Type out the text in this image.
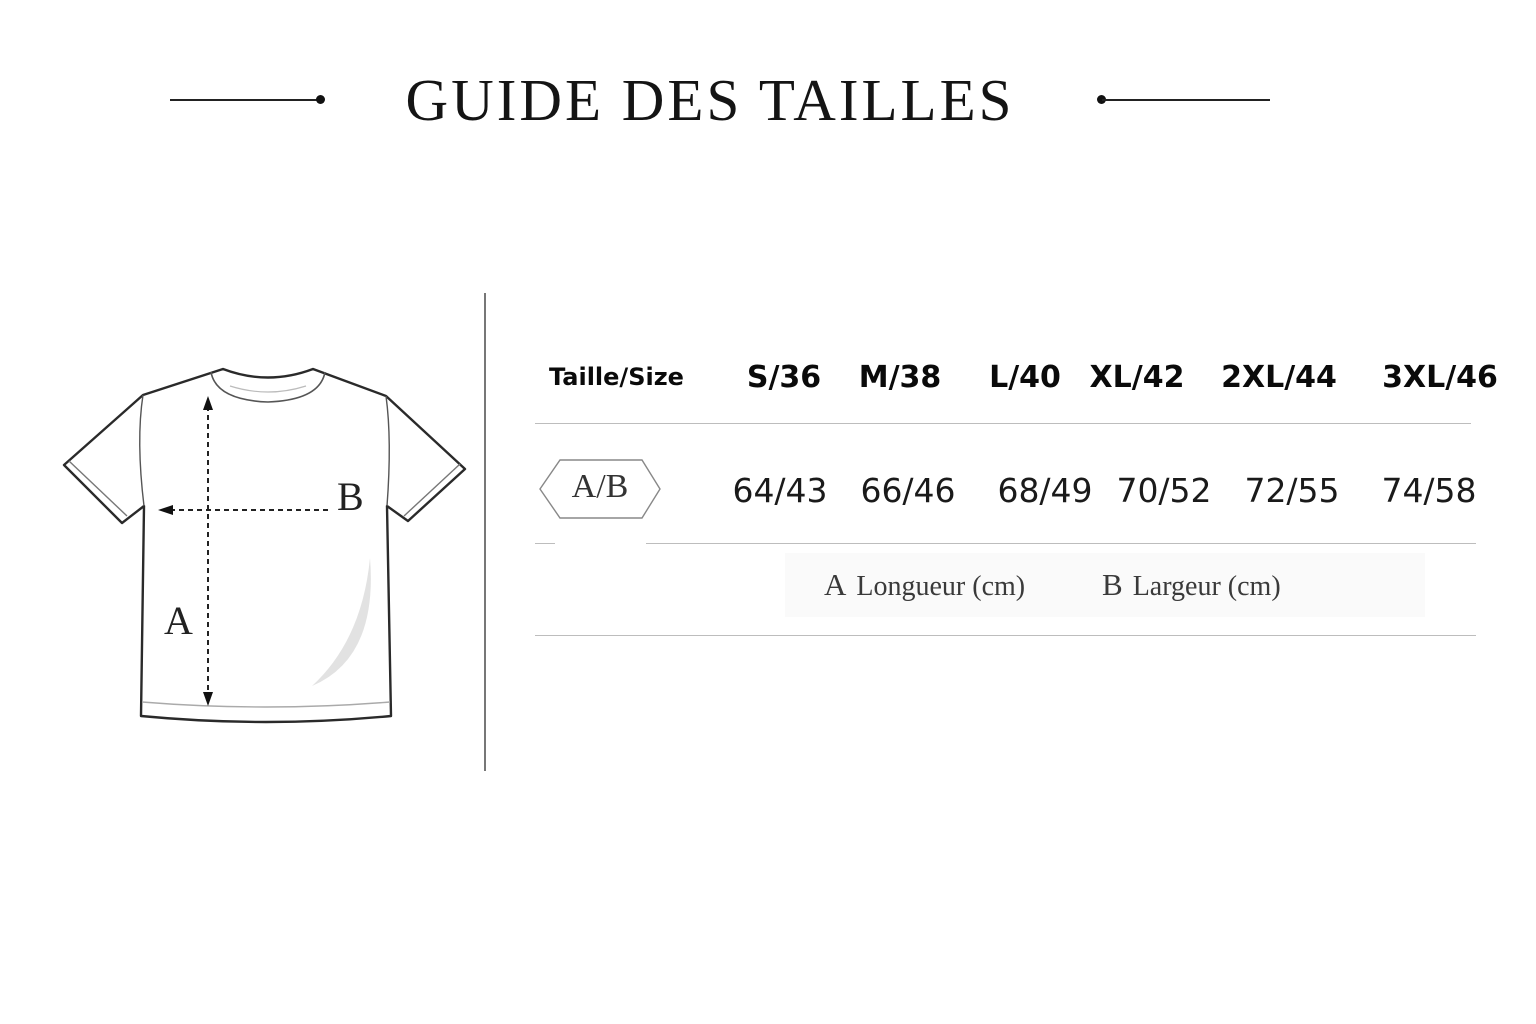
GUIDE DES TAILLES
B
A
Taille/Size S/36 M/38 L/40 XL/42 2XL/44 3XL/46
A/B	64/43 66/46 68/49 70/52 72/55 74/58
A Longueur (cm) B Largeur (cm)
